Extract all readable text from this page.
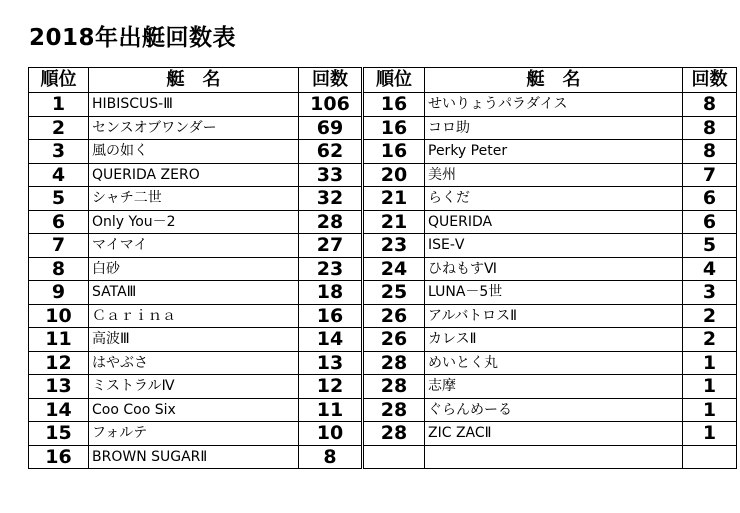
2018年出艇回数表
順位	艇　名	回数	順位	艇　名	回数
1	HIBISCUS-Ⅲ	106	16	せいりょうパラダイス	8
2	センスオブワンダー	69	16	コロ助	8
3	風の如く	62	16	Perky Peter	8
4	QUERIDA ZERO	33	20	美州	7
5	シャチ二世	32	21	らくだ	6
6	Only You－2	28	21	QUERIDA	6
7	マイマイ	27	23	ISE-Ⅴ	5
8	白砂	23	24	ひねもすⅥ	4
9	SATAⅢ	18	25	LUNA－5世	3
10	Ｃａｒｉｎａ	16	26	アルバトロスⅡ	2
11	高波Ⅲ	14	26	カレスⅡ	2
12	はやぶさ	13	28	めいとく丸	1
13	ミストラルⅣ	12	28	志摩	1
14	Coo Coo Six	11	28	ぐらんめーる	1
15	フォルテ	10	28	ZIC ZACⅡ	1
16	BROWN SUGARⅡ	8			
